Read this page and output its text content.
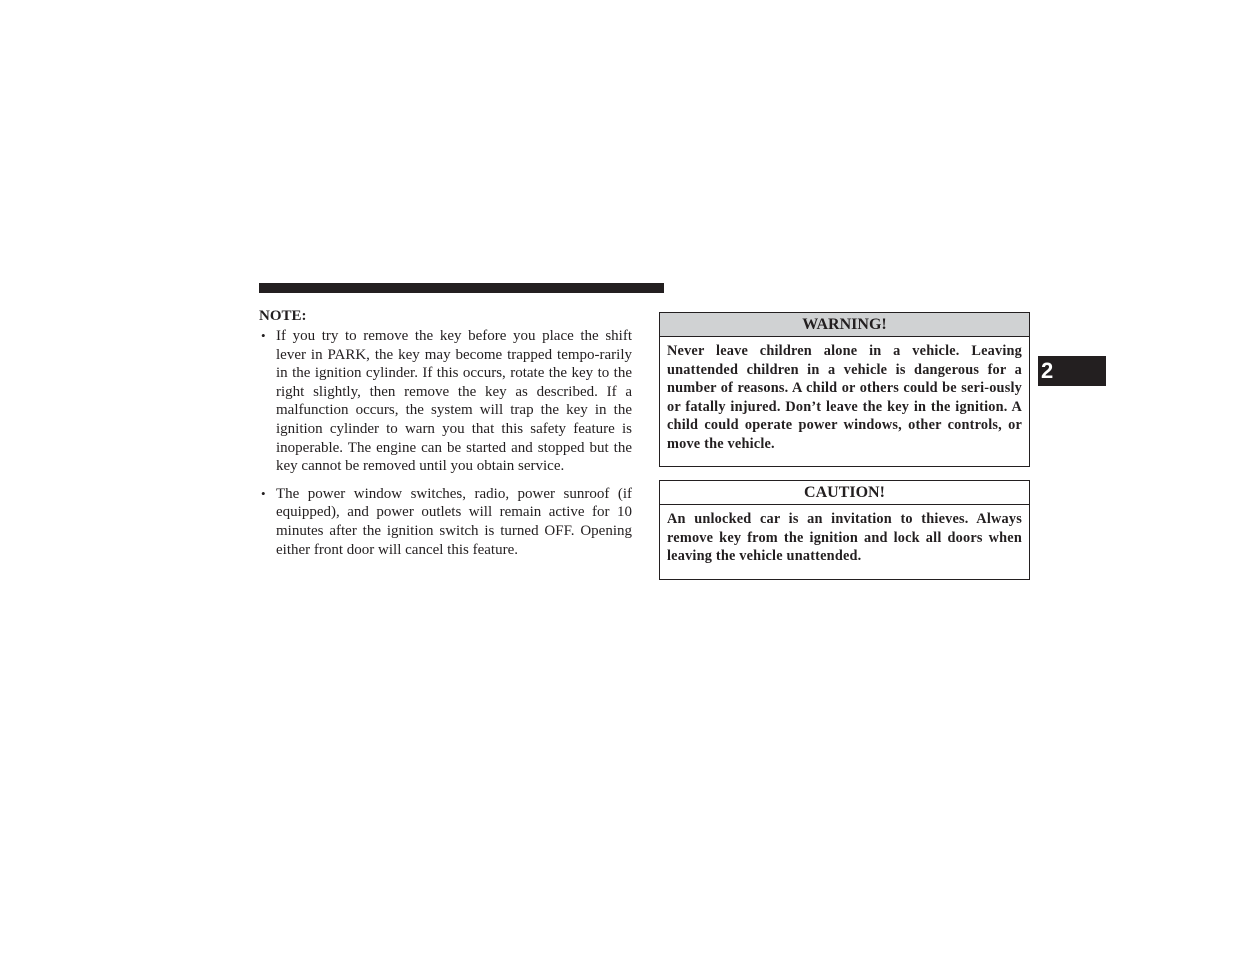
NOTE:
• If you try to remove the key before you place the shift lever in PARK, the key may become trapped tempo-rarily in the ignition cylinder. If this occurs, rotate the key to the right slightly, then remove the key as described. If a malfunction occurs, the system will trap the key in the ignition cylinder to warn you that this safety feature is inoperable. The engine can be started and stopped but the key cannot be removed until you obtain service.
• The power window switches, radio, power sunroof (if equipped), and power outlets will remain active for 10 minutes after the ignition switch is turned OFF. Opening either front door will cancel this feature.
WARNING!
Never leave children alone in a vehicle. Leaving unattended children in a vehicle is dangerous for a number of reasons. A child or others could be seri-ously or fatally injured. Don’t leave the key in the ignition. A child could operate power windows, other controls, or move the vehicle.
CAUTION!
An unlocked car is an invitation to thieves. Always remove key from the ignition and lock all doors when leaving the vehicle unattended.
2
